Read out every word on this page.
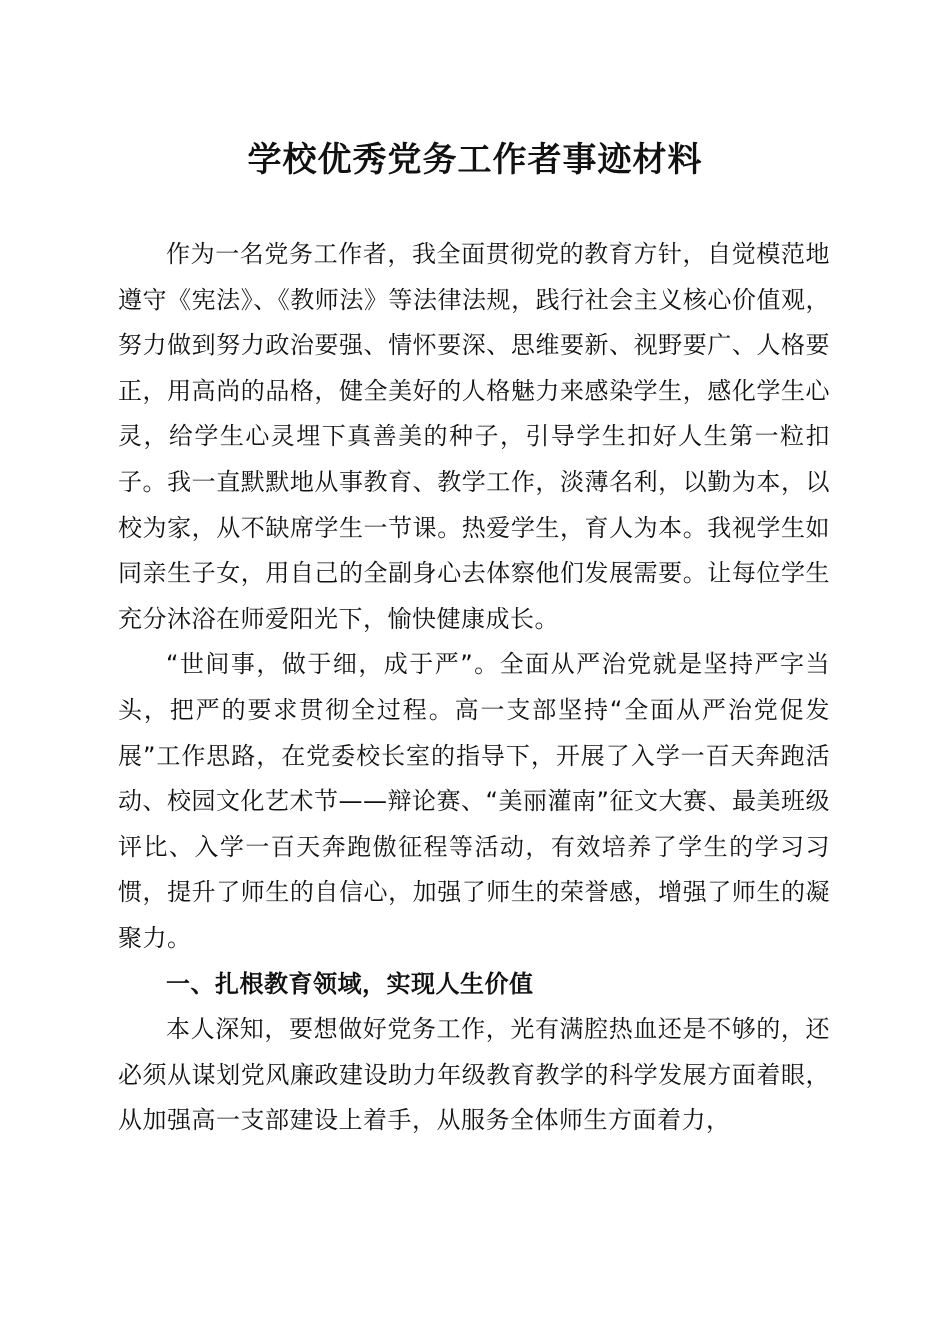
学校优秀党务工作者事迹材料

作为一名党务工作者，我全面贯彻党的教育方针，自觉模范地遵守《宪法》、《教师法》等法律法规，践行社会主义核心价值观，努力做到努力政治要强、情怀要深、思维要新、视野要广、人格要正，用高尚的品格，健全美好的人格魅力来感染学生，感化学生心灵，给学生心灵埋下真善美的种子，引导学生扣好人生第一粒扣子。我一直默默地从事教育、教学工作，淡薄名利，以勤为本，以校为家，从不缺席学生一节课。热爱学生，育人为本。我视学生如同亲生子女，用自己的全副身心去体察他们发展需要。让每位学生充分沐浴在师爱阳光下，愉快健康成长。

“世间事，做于细，成于严”。全面从严治党就是坚持严字当头，把严的要求贯彻全过程。高一支部坚持“全面从严治党促发展”工作思路，在党委校长室的指导下，开展了入学一百天奔跑活动、校园文化艺术节——辩论赛、“美丽灌南”征文大赛、最美班级评比、入学一百天奔跑傲征程等活动，有效培养了学生的学习习惯，提升了师生的自信心，加强了师生的荣誉感，增强了师生的凝聚力。

一、扎根教育领域，实现人生价值

本人深知，要想做好党务工作，光有满腔热血还是不够的，还必须从谋划党风廉政建设助力年级教育教学的科学发展方面着眼，从加强高一支部建设上着手，从服务全体师生方面着力，
